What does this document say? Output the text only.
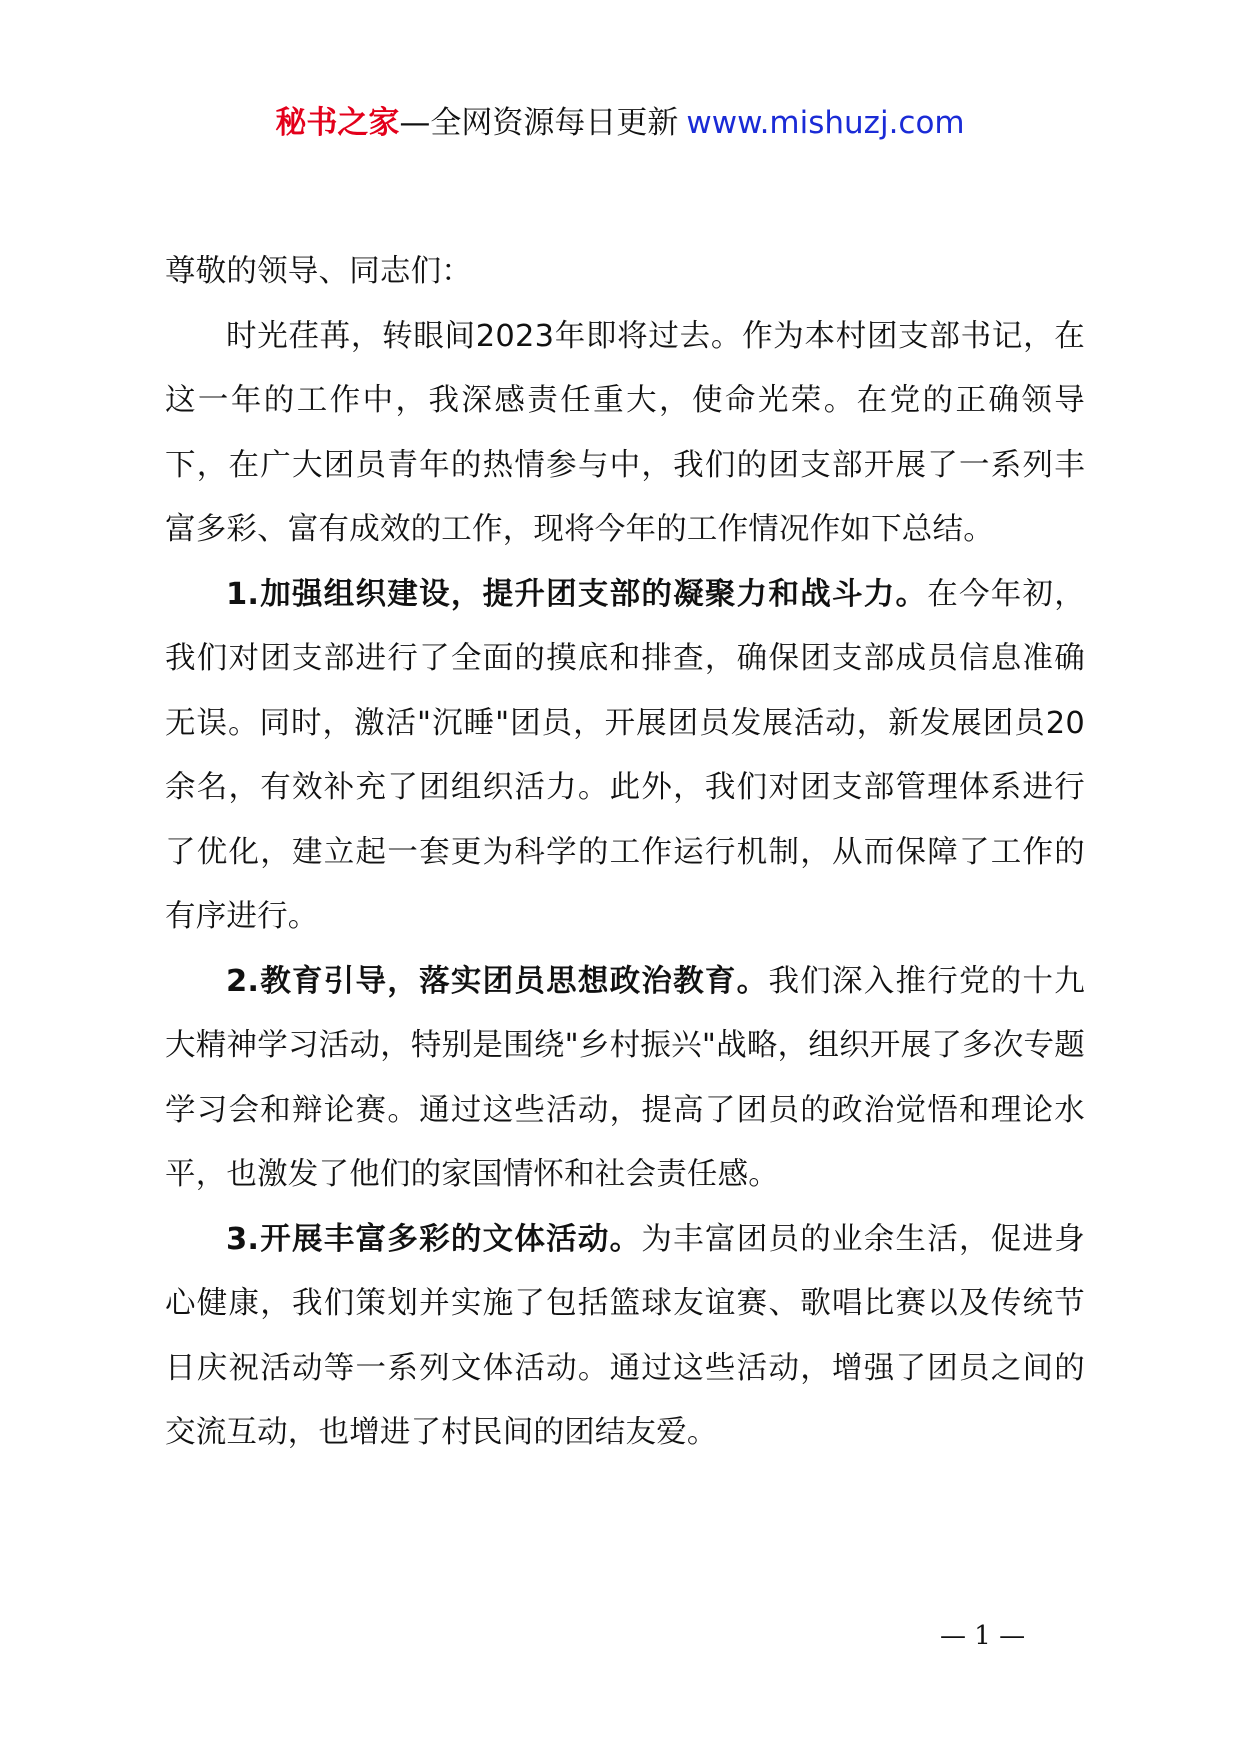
秘书之家—全网资源每日更新 www.mishuzj.com

尊敬的领导、同志们：

时光荏苒，转眼间2023年即将过去。作为本村团支部书记，在这一年的工作中，我深感责任重大，使命光荣。在党的正确领导下，在广大团员青年的热情参与中，我们的团支部开展了一系列丰富多彩、富有成效的工作，现将今年的工作情况作如下总结。

1.加强组织建设，提升团支部的凝聚力和战斗力。在今年初，我们对团支部进行了全面的摸底和排查，确保团支部成员信息准确无误。同时，激活"沉睡"团员，开展团员发展活动，新发展团员20余名，有效补充了团组织活力。此外，我们对团支部管理体系进行了优化，建立起一套更为科学的工作运行机制，从而保障了工作的有序进行。

2.教育引导，落实团员思想政治教育。我们深入推行党的十九大精神学习活动，特别是围绕"乡村振兴"战略，组织开展了多次专题学习会和辩论赛。通过这些活动，提高了团员的政治觉悟和理论水平，也激发了他们的家国情怀和社会责任感。

3.开展丰富多彩的文体活动。为丰富团员的业余生活，促进身心健康，我们策划并实施了包括篮球友谊赛、歌唱比赛以及传统节日庆祝活动等一系列文体活动。通过这些活动，增强了团员之间的交流互动，也增进了村民间的团结友爱。

— 1 —
